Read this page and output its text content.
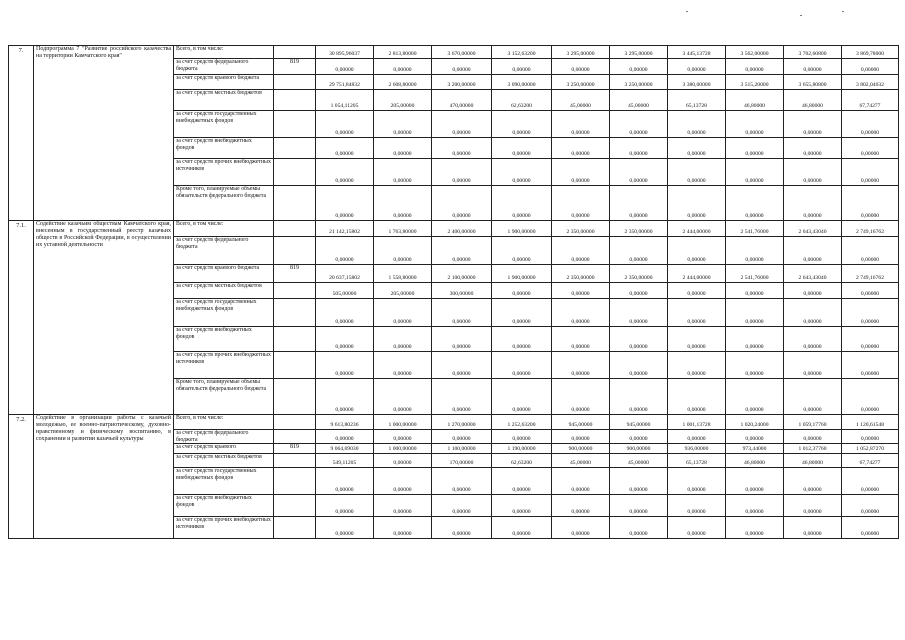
7.	Подпрограмма 7 "Развитие российского казачества на территории Камчатского края"	Всего, в том числе:		30 895,96037	2 813,80000	3 670,00000	3 152,63200	3 295,00000	3 295,00000	3 445,13728	3 562,00000	3 702,60800	3 869,78000
		за счет средств федерального бюджета	819	0,00000	0,00000	0,00000	0,00000	0,00000	0,00000	0,00000	0,00000	0,00000	0,00000
		за счет средств краевого бюджета		29 751,84832	2 608,80000	3 200,00000	3 090,00000	3 250,00000	3 250,00000	3 380,00000	3 515,20000	3 655,80800	3 802,04032
		за счет средств местных бюджетов		1 054,11205	205,00000	470,00000	62,63200	45,00000	45,00000	65,13728	46,80000	46,80000	67,74277
		за счет средств государственных внебюджетных фондов		0,00000	0,00000	0,00000	0,00000	0,00000	0,00000	0,00000	0,00000	0,00000	0,00000
		за счет средств внебюджетных фондов		0,00000	0,00000	0,00000	0,00000	0,00000	0,00000	0,00000	0,00000	0,00000	0,00000
		за счет средств прочих внебюджетных источников		0,00000	0,00000	0,00000	0,00000	0,00000	0,00000	0,00000	0,00000	0,00000	0,00000
		Кроме того, планируемые объемы обязательств федерального бюджета		0,00000	0,00000	0,00000	0,00000	0,00000	0,00000	0,00000	0,00000	0,00000	0,00000
7.1.	Содействие казачьим обществам Камчатского края, внесенным в государственный реестр казачьих обществ в Российской Федерации, в осуществлении их уставной деятельности	Всего, в том числе:		21 142,15802	1 763,80000	2 400,00000	1 900,00000	2 350,00000	2 350,00000	2 444,00000	2 541,76000	2 643,43040	2 749,16762
		за счет средств федерального бюджета		0,00000	0,00000	0,00000	0,00000	0,00000	0,00000	0,00000	0,00000	0,00000	0,00000
		за счет средств краевого бюджета	819	20 637,15802	1 558,80000	2 100,00000	1 900,00000	2 350,00000	2 350,00000	2 444,00000	2 541,76000	2 643,43040	2 749,16762
		за счет средств местных бюджетов		505,00000	205,00000	300,00000	0,00000	0,00000	0,00000	0,00000	0,00000	0,00000	0,00000
		за счет средств государственных внебюджетных фондов		0,00000	0,00000	0,00000	0,00000	0,00000	0,00000	0,00000	0,00000	0,00000	0,00000
		за счет средств внебюджетных фондов		0,00000	0,00000	0,00000	0,00000	0,00000	0,00000	0,00000	0,00000	0,00000	0,00000
		за счет средств прочих внебюджетных источников		0,00000	0,00000	0,00000	0,00000	0,00000	0,00000	0,00000	0,00000	0,00000	0,00000
		Кроме того, планируемые объемы обязательств федерального бюджета		0,00000	0,00000	0,00000	0,00000	0,00000	0,00000	0,00000	0,00000	0,00000	0,00000
7.2.	Содействие в организации работы с казачьей молодежью, ее военно-патриотическому, духовно-нравственному и физическому воспитанию, в сохранении и развитии казачьей культуры	Всего, в том числе:		9 613,80236	1 000,00000	1 270,00000	1 252,63200	945,00000	945,00000	1 001,13728	1 020,24000	1 059,17760	1 120,61548
		за счет средств федерального бюджета		0,00000	0,00000	0,00000	0,00000	0,00000	0,00000	0,00000	0,00000	0,00000	0,00000
		за счет средств краевого	819	9 064,69030	1 000,00000	1 100,00000	1 190,00000	900,00000	900,00000	936,00000	973,44000	1 012,37760	1 052,87270
		за счет средств местных бюджетов		549,11205	0,00000	170,00000	62,63200	45,00000	45,00000	65,13728	46,80000	46,80000	67,74277
		за счет средств государственных внебюджетных фондов		0,00000	0,00000	0,00000	0,00000	0,00000	0,00000	0,00000	0,00000	0,00000	0,00000
		за счет средств внебюджетных фондов		0,00000	0,00000	0,00000	0,00000	0,00000	0,00000	0,00000	0,00000	0,00000	0,00000
		за счет средств прочих внебюджетных источников		0,00000	0,00000	0,00000	0,00000	0,00000	0,00000	0,00000	0,00000	0,00000	0,00000
